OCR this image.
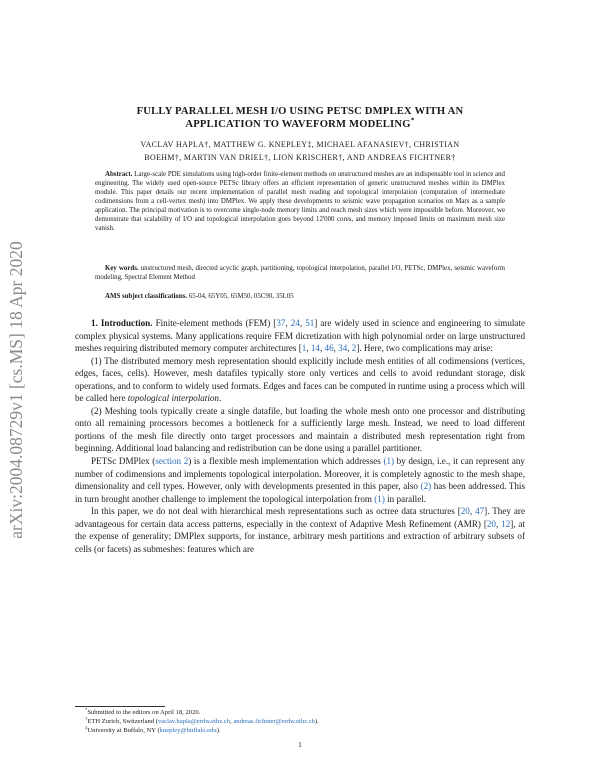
arXiv:2004.08729v1 [cs.MS] 18 Apr 2020
FULLY PARALLEL MESH I/O USING PETSC DMPLEX WITH AN
APPLICATION TO WAVEFORM MODELING*
VACLAV HAPLA†, MATTHEW G. KNEPLEY‡, MICHAEL AFANASIEV†, CHRISTIAN
BOEHM†, MARTIN VAN DRIEL†, LION KRISCHER†, AND ANDREAS FICHTNER†
Abstract. Large-scale PDE simulations using high-order finite-element methods on unstructured meshes are an indispensable tool in science and engineering. The widely used open-source PETSc library offers an efficient representation of generic unstructured meshes within its DMPlex module. This paper details our recent implementation of parallel mesh reading and topological interpolation (computation of intermediate codimensions from a cell-vertex mesh) into DMPlex. We apply these developments to seismic wave propagation scenarios on Mars as a sample application. The principal motivation is to overcome single-node memory limits and reach mesh sizes which were impossible before. Moreover, we demonstrate that scalability of I/O and topological interpolation goes beyond 12'000 cores, and memory imposed limits on maximum mesh size vanish.
Key words. unstructured mesh, directed acyclic graph, partitioning, topological interpolation, parallel I/O, PETSc, DMPlex, seismic waveform modeling, Spectral Element Method
AMS subject classifications. 65-04, 65Y05, 65M50, 05C90, 35L05

1. Introduction. Finite-element methods (FEM) [37, 24, 51] are widely used in science and engineering to simulate complex physical systems. Many applications require FEM dicretization with high polynomial order on large unstructured meshes requiring distributed memory computer architectures [1, 14, 46, 34, 2]. Here, two complications may arise:

(1) The distributed memory mesh representation should explicitly include mesh entities of all codimensions (vertices, edges, faces, cells). However, mesh datafiles typically store only vertices and cells to avoid redundant storage, disk operations, and to conform to widely used formats. Edges and faces can be computed in runtime using a process which will be called here topological interpolation.

(2) Meshing tools typically create a single datafile, but loading the whole mesh onto one processor and distributing onto all remaining processors becomes a bottleneck for a sufficiently large mesh. Instead, we need to load different portions of the mesh file directly onto target processors and maintain a distributed mesh representation right from beginning. Additional load balancing and redistribution can be done using a parallel partitioner.

PETSc DMPlex (section 2) is a flexible mesh implementation which addresses (1) by design, i.e., it can represent any number of codimensions and implements topological interpolation. Moreover, it is completely agnostic to the mesh shape, dimensionality and cell types. However, only with developments presented in this paper, also (2) has been addressed. This in turn brought another challenge to implement the topological interpolation from (1) in parallel.

In this paper, we do not deal with hierarchical mesh representations such as octree data structures [20, 47]. They are advantageous for certain data access patterns, especially in the context of Adaptive Mesh Refinement (AMR) [20, 12], at the expense of generality; DMPlex supports, for instance, arbitrary mesh partitions and extraction of arbitrary subsets of cells (or facets) as submeshes: features which are

*Submitted to the editors on April 18, 2020.
†ETH Zurich, Switzerland (vaclav.hapla@erdw.ethz.ch, andreas.fichtner@erdw.ethz.ch).
‡University at Buffalo, NY (knepley@buffalo.edu).
1
